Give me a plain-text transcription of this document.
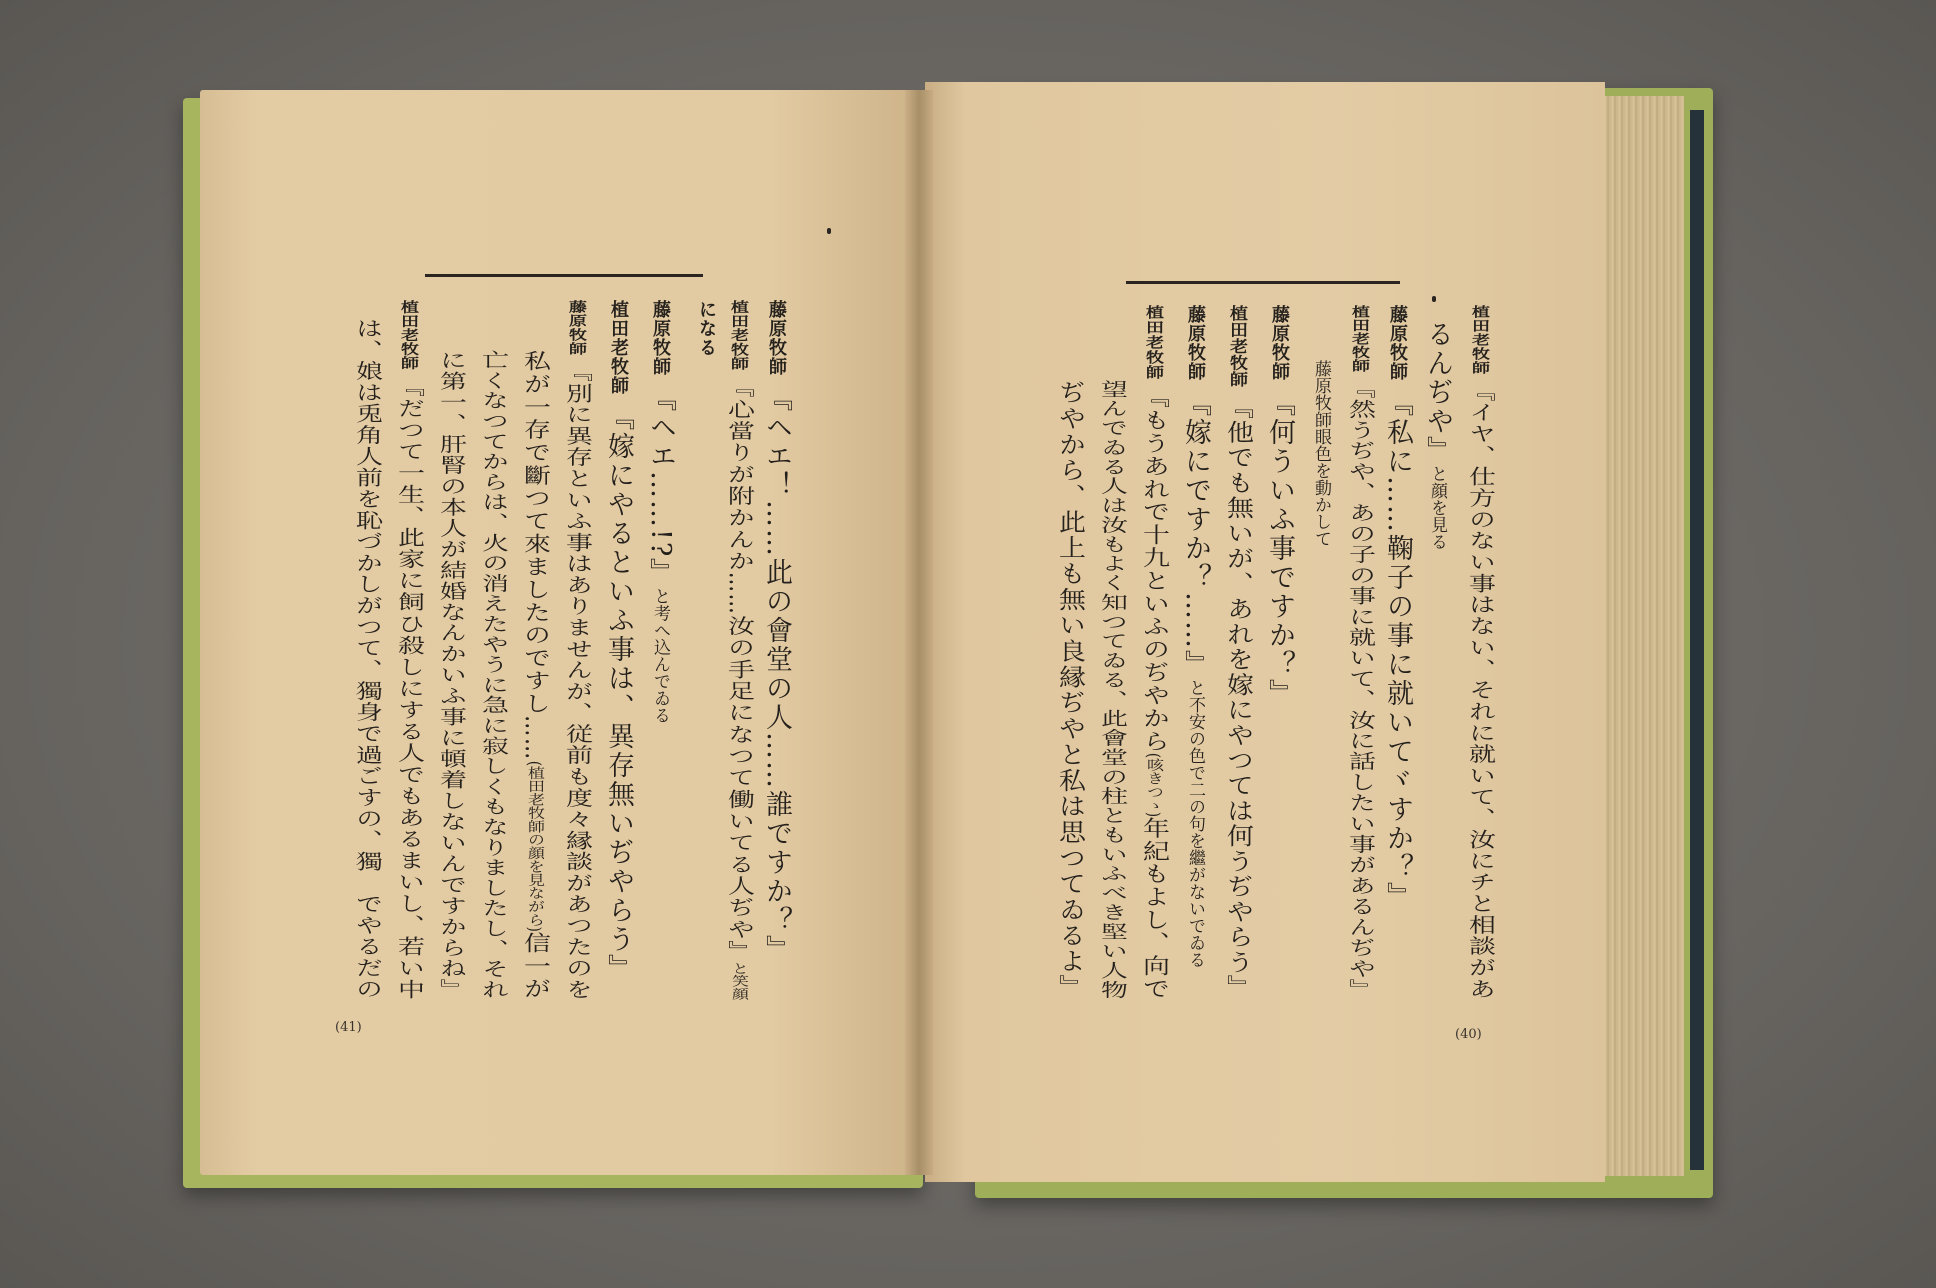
藤原牧師『ヘエ！……此の會堂の人……誰ですか？』
植田老牧師『心當りが附かんか……汝の手足になつて働いてる人ぢや』と笑顔
になる
藤原牧師『ヘエ……!?』と考へ込んでゐる
植田老牧師『嫁にやるといふ事は、異存無いぢやらう』
藤原牧師『別に異存といふ事はありませんが、従前も度々縁談があつたのを
私が一存で斷つて來ましたのですし……(植田老牧師の顔を見ながら)信一が
亡くなつてからは、火の消えたやうに急に寂しくもなりましたし、それ
に第一、肝腎の本人が結婚なんかいふ事に頓着しないんですからね』
植田老牧師『だつて一生、此家に飼ひ殺しにする人でもあるまいし、若い中
は、娘は兎角人前を恥づかしがつて、獨身で過ごすの、獨　でやるだの
(41)
植田老牧師『イヤ、仕方のない事はない、それに就いて、汝にチと相談があ
るんぢや』と顔を見る
藤原牧師『私に……鞠子の事に就いてヾすか？』
植田老牧師『然うぢや、あの子の事に就いて、汝に話したい事があるんぢや』
藤原牧師眼色を動かして
藤原牧師『何ういふ事ですか？』
植田老牧師『他でも無いが、あれを嫁にやつては何うぢやらう』
藤原牧師『嫁にですか？……』と不安の色で二の句を繼がないでゐる
植田老牧師『もうあれで十九といふのぢやから(咳きつゝ)年紀もよし、向で
望んでゐる人は汝もよく知つてゐる、此會堂の柱ともいふべき堅い人物
ぢやから、此上も無い良縁ぢやと私は思つてゐるよ』
(40)
